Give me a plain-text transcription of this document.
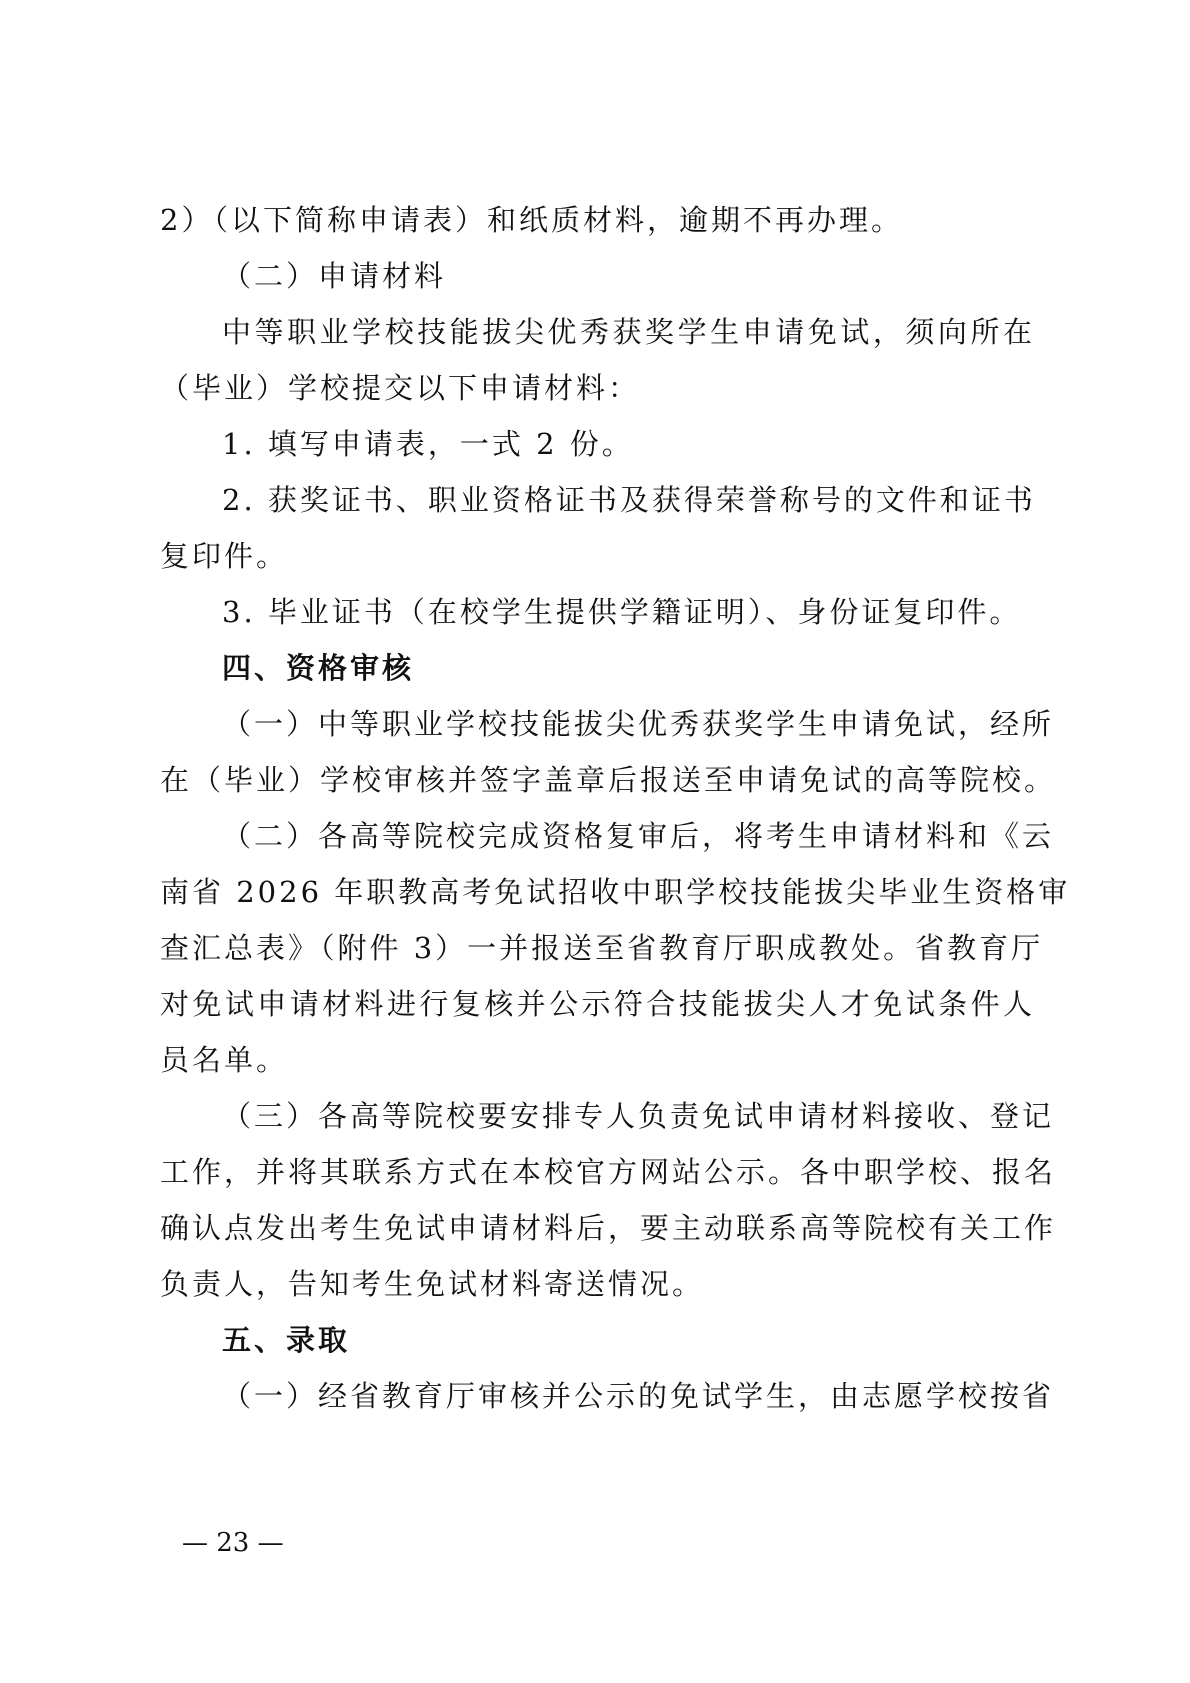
2）（以下简称申请表）和纸质材料，逾期不再办理。
（二）申请材料
中等职业学校技能拔尖优秀获奖学生申请免试，须向所在
（毕业）学校提交以下申请材料：
1. 填写申请表，一式 2 份。
2. 获奖证书、职业资格证书及获得荣誉称号的文件和证书
复印件。
3. 毕业证书（在校学生提供学籍证明）、身份证复印件。
四、资格审核
（一）中等职业学校技能拔尖优秀获奖学生申请免试，经所
在（毕业）学校审核并签字盖章后报送至申请免试的高等院校。
（二）各高等院校完成资格复审后，将考生申请材料和《云
南省 2026 年职教高考免试招收中职学校技能拔尖毕业生资格审
查汇总表》（附件 3）一并报送至省教育厅职成教处。省教育厅
对免试申请材料进行复核并公示符合技能拔尖人才免试条件人
员名单。
（三）各高等院校要安排专人负责免试申请材料接收、登记
工作，并将其联系方式在本校官方网站公示。各中职学校、报名
确认点发出考生免试申请材料后，要主动联系高等院校有关工作
负责人，告知考生免试材料寄送情况。
五、录取
（一）经省教育厅审核并公示的免试学生，由志愿学校按省
— 23 —
